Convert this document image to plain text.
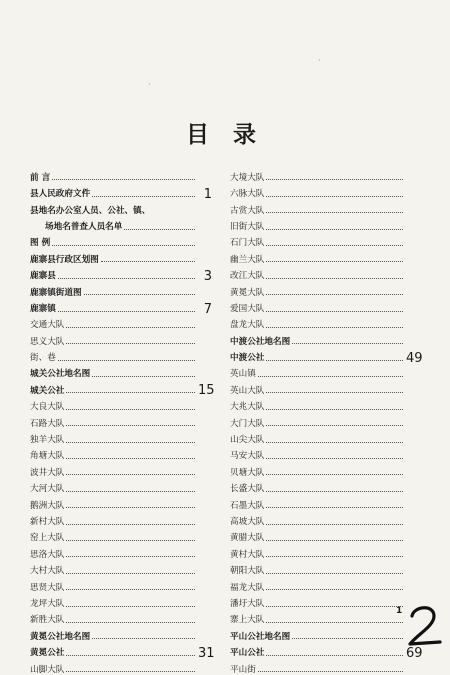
目 录
前 言
县人民政府文件	1
县地名办公室人员、公社、镇、
场地名普查人员名单
图 例
鹿寨县行政区划图
鹿寨县	3
鹿寨镇街道图
鹿寨镇	7
交通大队
思义大队
街、巷
城关公社地名图
城关公社	15
大良大队
石路大队
独羊大队
角塘大队
波井大队
大河大队
鹅洲大队
新村大队
窑上大队
思洛大队
大村大队
思贤大队
龙坪大队
新胜大队
黄冕公社地名图
黄冕公社	31
山脚大队
大境大队
六脉大队
古赏大队
旧街大队
石门大队
幽兰大队
改江大队
黄冕大队
爱国大队
盘龙大队
中渡公社地名图
中渡公社	49
英山镇
英山大队
大兆大队
大门大队
山尖大队
马安大队
贝塘大队
长盛大队
石墨大队
高坡大队
黄腊大队
黄村大队
朝阳大队
福龙大队
潘圩大队
寨上大队
平山公社地名图
平山公社	69
平山街
1
·
·
